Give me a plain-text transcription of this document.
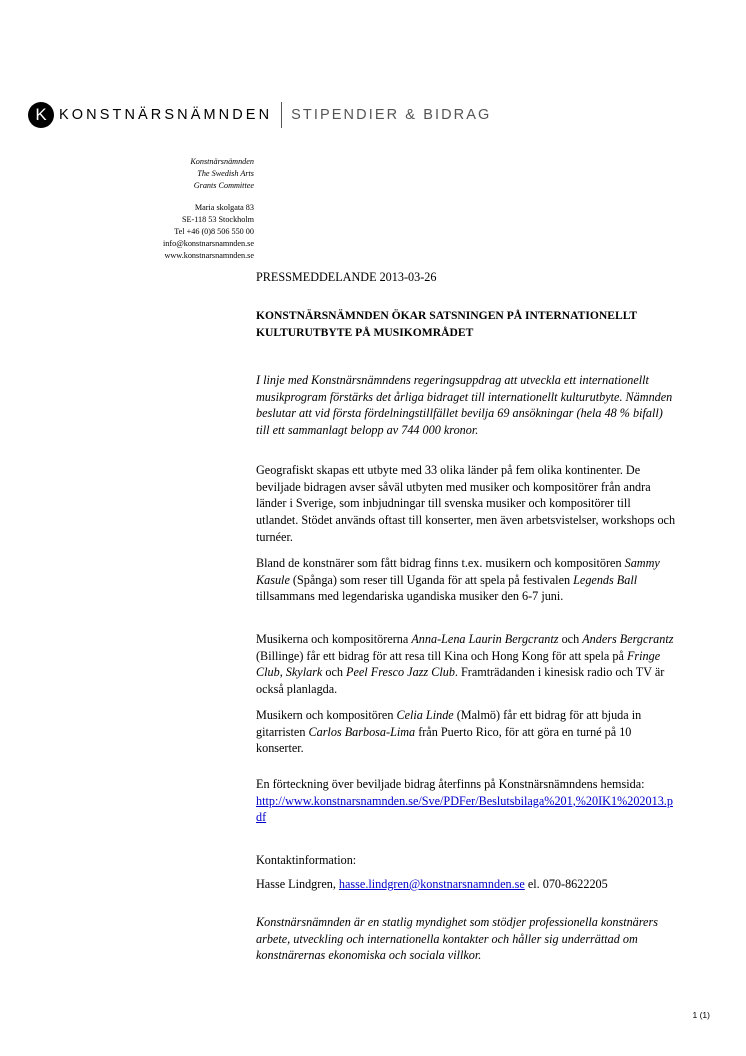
K KONSTNÄRSNÄMNDEN STIPENDIER & BIDRAG
Konstnärsnämnden
The Swedish Arts
Grants Committee
Maria skolgata 83
SE-118 53 Stockholm
Tel +46 (0)8 506 550 00
info@konstnarsnamnden.se
www.konstnarsnamnden.se
PRESSMEDDELANDE 2013-03-26
KONSTNÄRSNÄMNDEN ÖKAR SATSNINGEN PÅ INTERNATIONELLT KULTURUTBYTE PÅ MUSIKOMRÅDET

I linje med Konstnärsnämndens regeringsuppdrag att utveckla ett internationellt musikprogram förstärks det årliga bidraget till internationellt kulturutbyte. Nämnden beslutar att vid första fördelningstillfället bevilja 69 ansökningar (hela 48 % bifall) till ett sammanlagt belopp av 744 000 kronor.

Geografiskt skapas ett utbyte med 33 olika länder på fem olika kontinenter. De beviljade bidragen avser såväl utbyten med musiker och kompositörer från andra länder i Sverige, som inbjudningar till svenska musiker och kompositörer till utlandet. Stödet används oftast till konserter, men även arbetsvistelser, workshops och turnéer.

Bland de konstnärer som fått bidrag finns t.ex. musikern och kompositören Sammy Kasule (Spånga) som reser till Uganda för att spela på festivalen Legends Ball tillsammans med legendariska ugandiska musiker den 6-7 juni.

Musikerna och kompositörerna Anna-Lena Laurin Bergcrantz och Anders Bergcrantz (Billinge) får ett bidrag för att resa till Kina och Hong Kong för att spela på Fringe Club, Skylark och Peel Fresco Jazz Club. Framträdanden i kinesisk radio och TV är också planlagda.

Musikern och kompositören Celia Linde (Malmö) får ett bidrag för att bjuda in gitarristen Carlos Barbosa-Lima från Puerto Rico, för att göra en turné på 10 konserter.

En förteckning över beviljade bidrag återfinns på Konstnärsnämndens hemsida:
http://www.konstnarsnamnden.se/Sve/PDFer/Beslutsbilaga%201,%20IK1%202013.pdf
Kontaktinformation:
Hasse Lindgren, hasse.lindgren@konstnarsnamnden.se el. 070-8622205

Konstnärsnämnden är en statlig myndighet som stödjer professionella konstnärers arbete, utveckling och internationella kontakter och håller sig underrättad om konstnärernas ekonomiska och sociala villkor.

1 (1)
